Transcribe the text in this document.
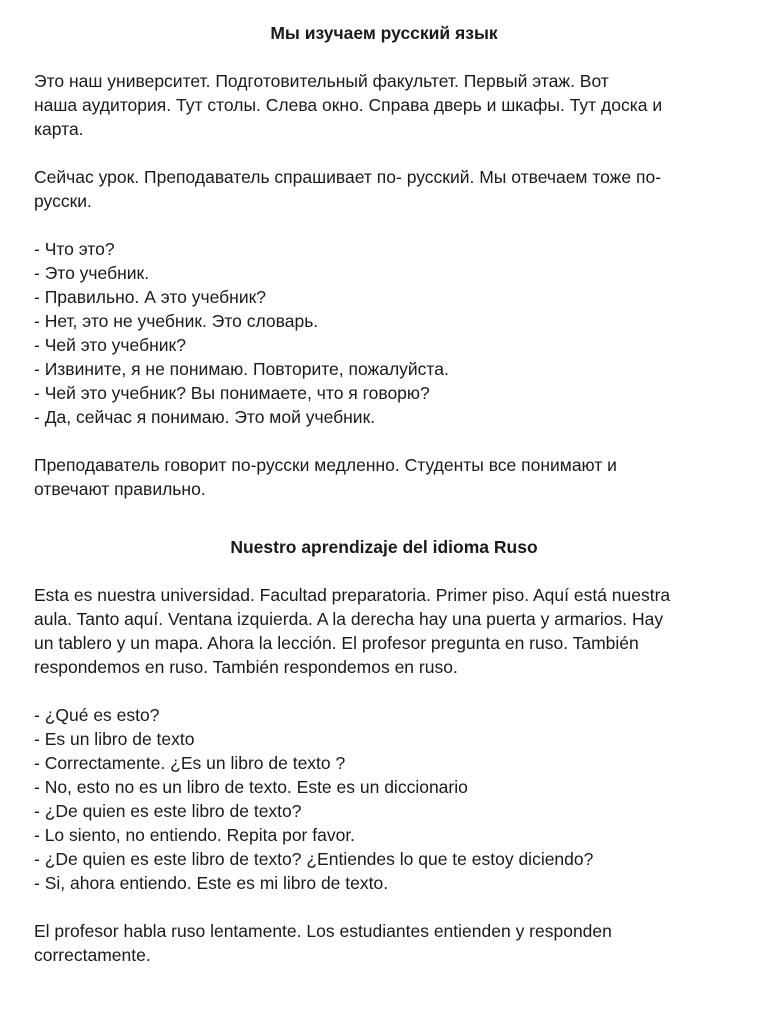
Мы изучаем русский язык

Это наш университет. Подготовительный факультет. Первый этаж. Вот
наша аудитория. Тут столы. Слева окно. Справа дверь и шкафы. Тут доска и
карта.

Сейчас урок. Преподаватель спрашивает по- русский. Мы отвечаем тоже по-
русски.

- Что это?
- Это учебник.
- Правильно. А это учебник?
- Нет, это не учебник. Это словарь.
- Чей это учебник?
- Извините, я не понимаю. Повторите, пожалуйста.
- Чей это учебник? Вы понимаете, что я говорю?
- Да, сейчас я понимаю. Это мой учебник.

Преподаватель говорит по-русски медленно. Студенты все понимают и
отвечают правильно.

Nuestro aprendizaje del idioma Ruso

Esta es nuestra universidad. Facultad preparatoria. Primer piso. Aquí está nuestra
aula. Tanto aquí. Ventana izquierda. A la derecha hay una puerta y armarios. Hay
un tablero y un mapa. Ahora la lección. El profesor pregunta en ruso. También
respondemos en ruso. También respondemos en ruso.

- ¿Qué es esto?
- Es un libro de texto
- Correctamente. ¿Es un libro de texto ?
- No, esto no es un libro de texto. Este es un diccionario
- ¿De quien es este libro de texto?
- Lo siento, no entiendo. Repita por favor.
- ¿De quien es este libro de texto? ¿Entiendes lo que te estoy diciendo?
- Si, ahora entiendo. Este es mi libro de texto.

El profesor habla ruso lentamente. Los estudiantes entienden y responden
correctamente.
